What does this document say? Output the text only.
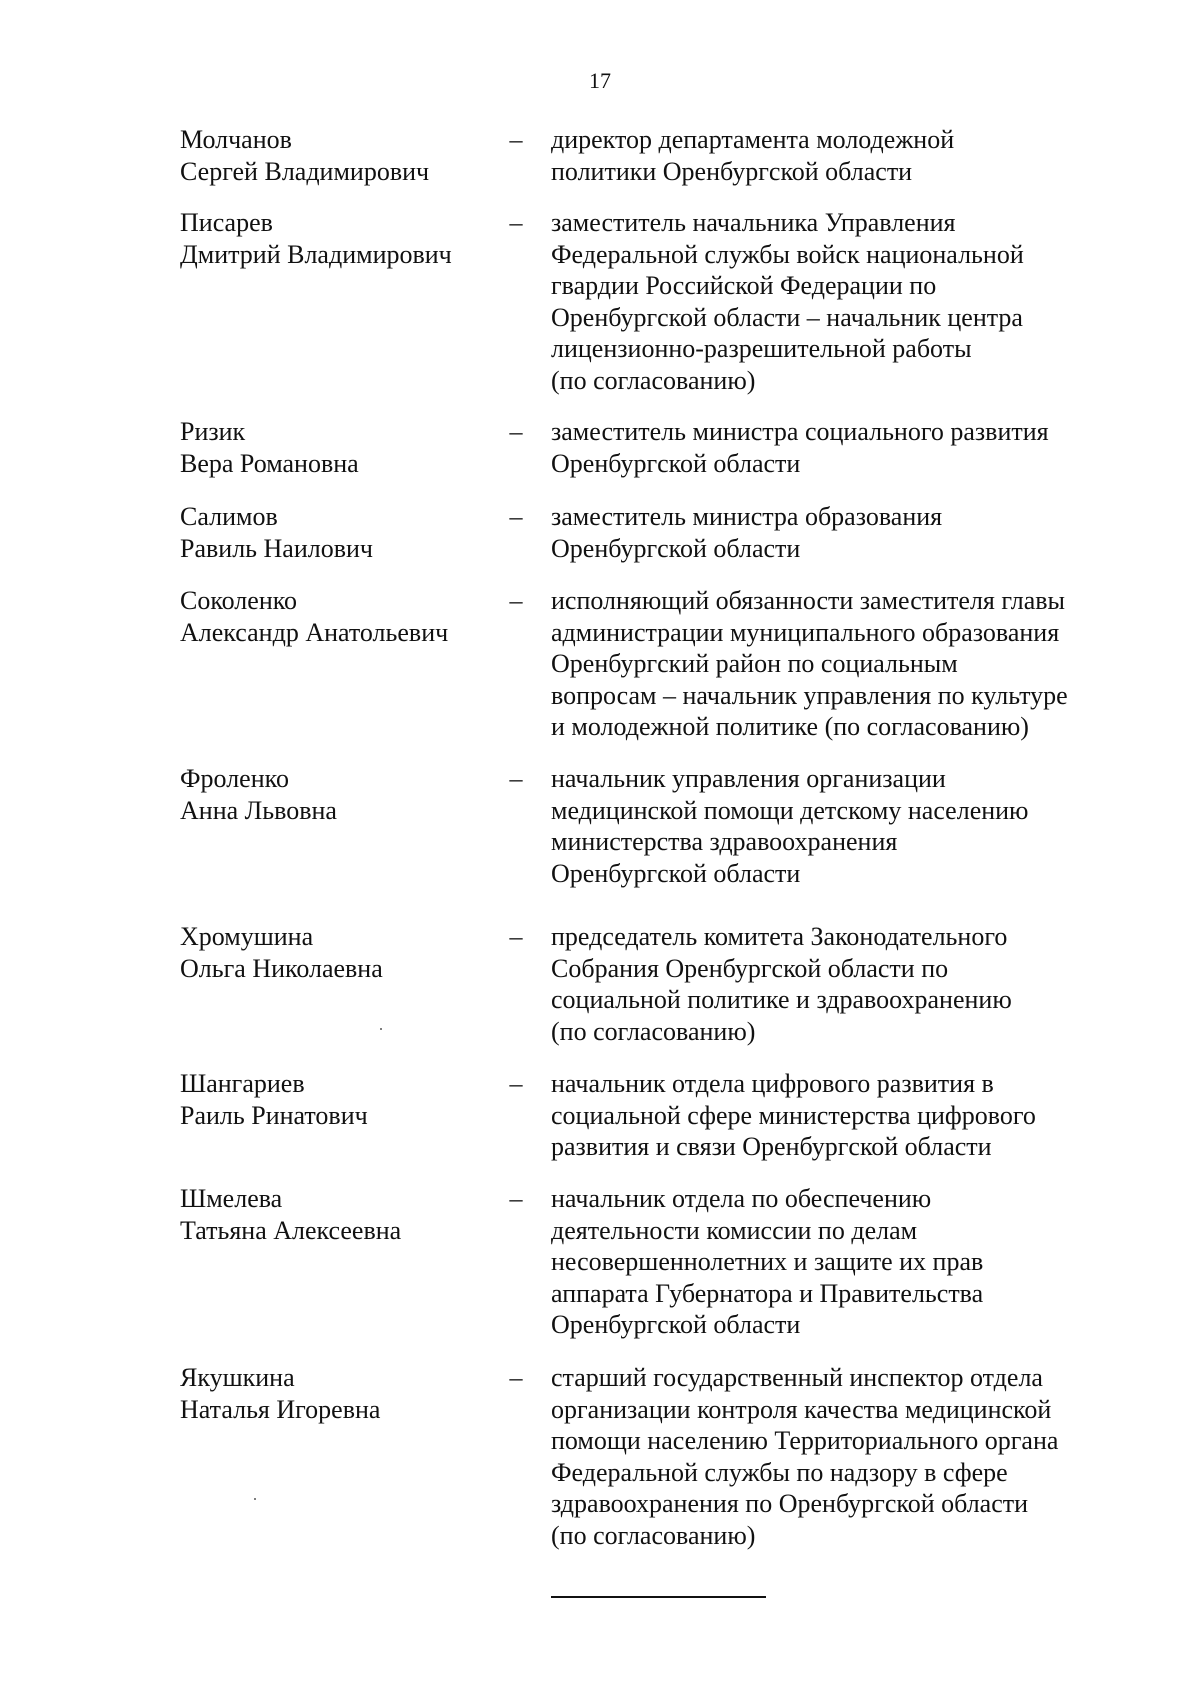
17
Молчанов
Сергей Владимирович
– директор департамента молодежной
политики Оренбургской области
Писарев
Дмитрий Владимирович
– заместитель начальника Управления
Федеральной службы войск национальной
гвардии Российской Федерации по
Оренбургской области – начальник центра
лицензионно-разрешительной работы
(по согласованию)
Ризик
Вера Романовна
– заместитель министра социального развития
Оренбургской области
Салимов
Равиль Наилович
– заместитель министра образования
Оренбургской области
Соколенко
Александр Анатольевич
– исполняющий обязанности заместителя главы
администрации муниципального образования
Оренбургский район по социальным
вопросам – начальник управления по культуре
и молодежной политике (по согласованию)
Фроленко
Анна Львовна
– начальник управления организации
медицинской помощи детскому населению
министерства здравоохранения
Оренбургской области
Хромушина
Ольга Николаевна
– председатель комитета Законодательного
Собрания Оренбургской области по
социальной политике и здравоохранению
(по согласованию)
Шангариев
Раиль Ринатович
– начальник отдела цифрового развития в
социальной сфере министерства цифрового
развития и связи Оренбургской области
Шмелева
Татьяна Алексеевна
– начальник отдела по обеспечению
деятельности комиссии по делам
несовершеннолетних и защите их прав
аппарата Губернатора и Правительства
Оренбургской области
Якушкина
Наталья Игоревна
– старший государственный инспектор отдела
организации контроля качества медицинской
помощи населению Территориального органа
Федеральной службы по надзору в сфере
здравоохранения по Оренбургской области
(по согласованию)
